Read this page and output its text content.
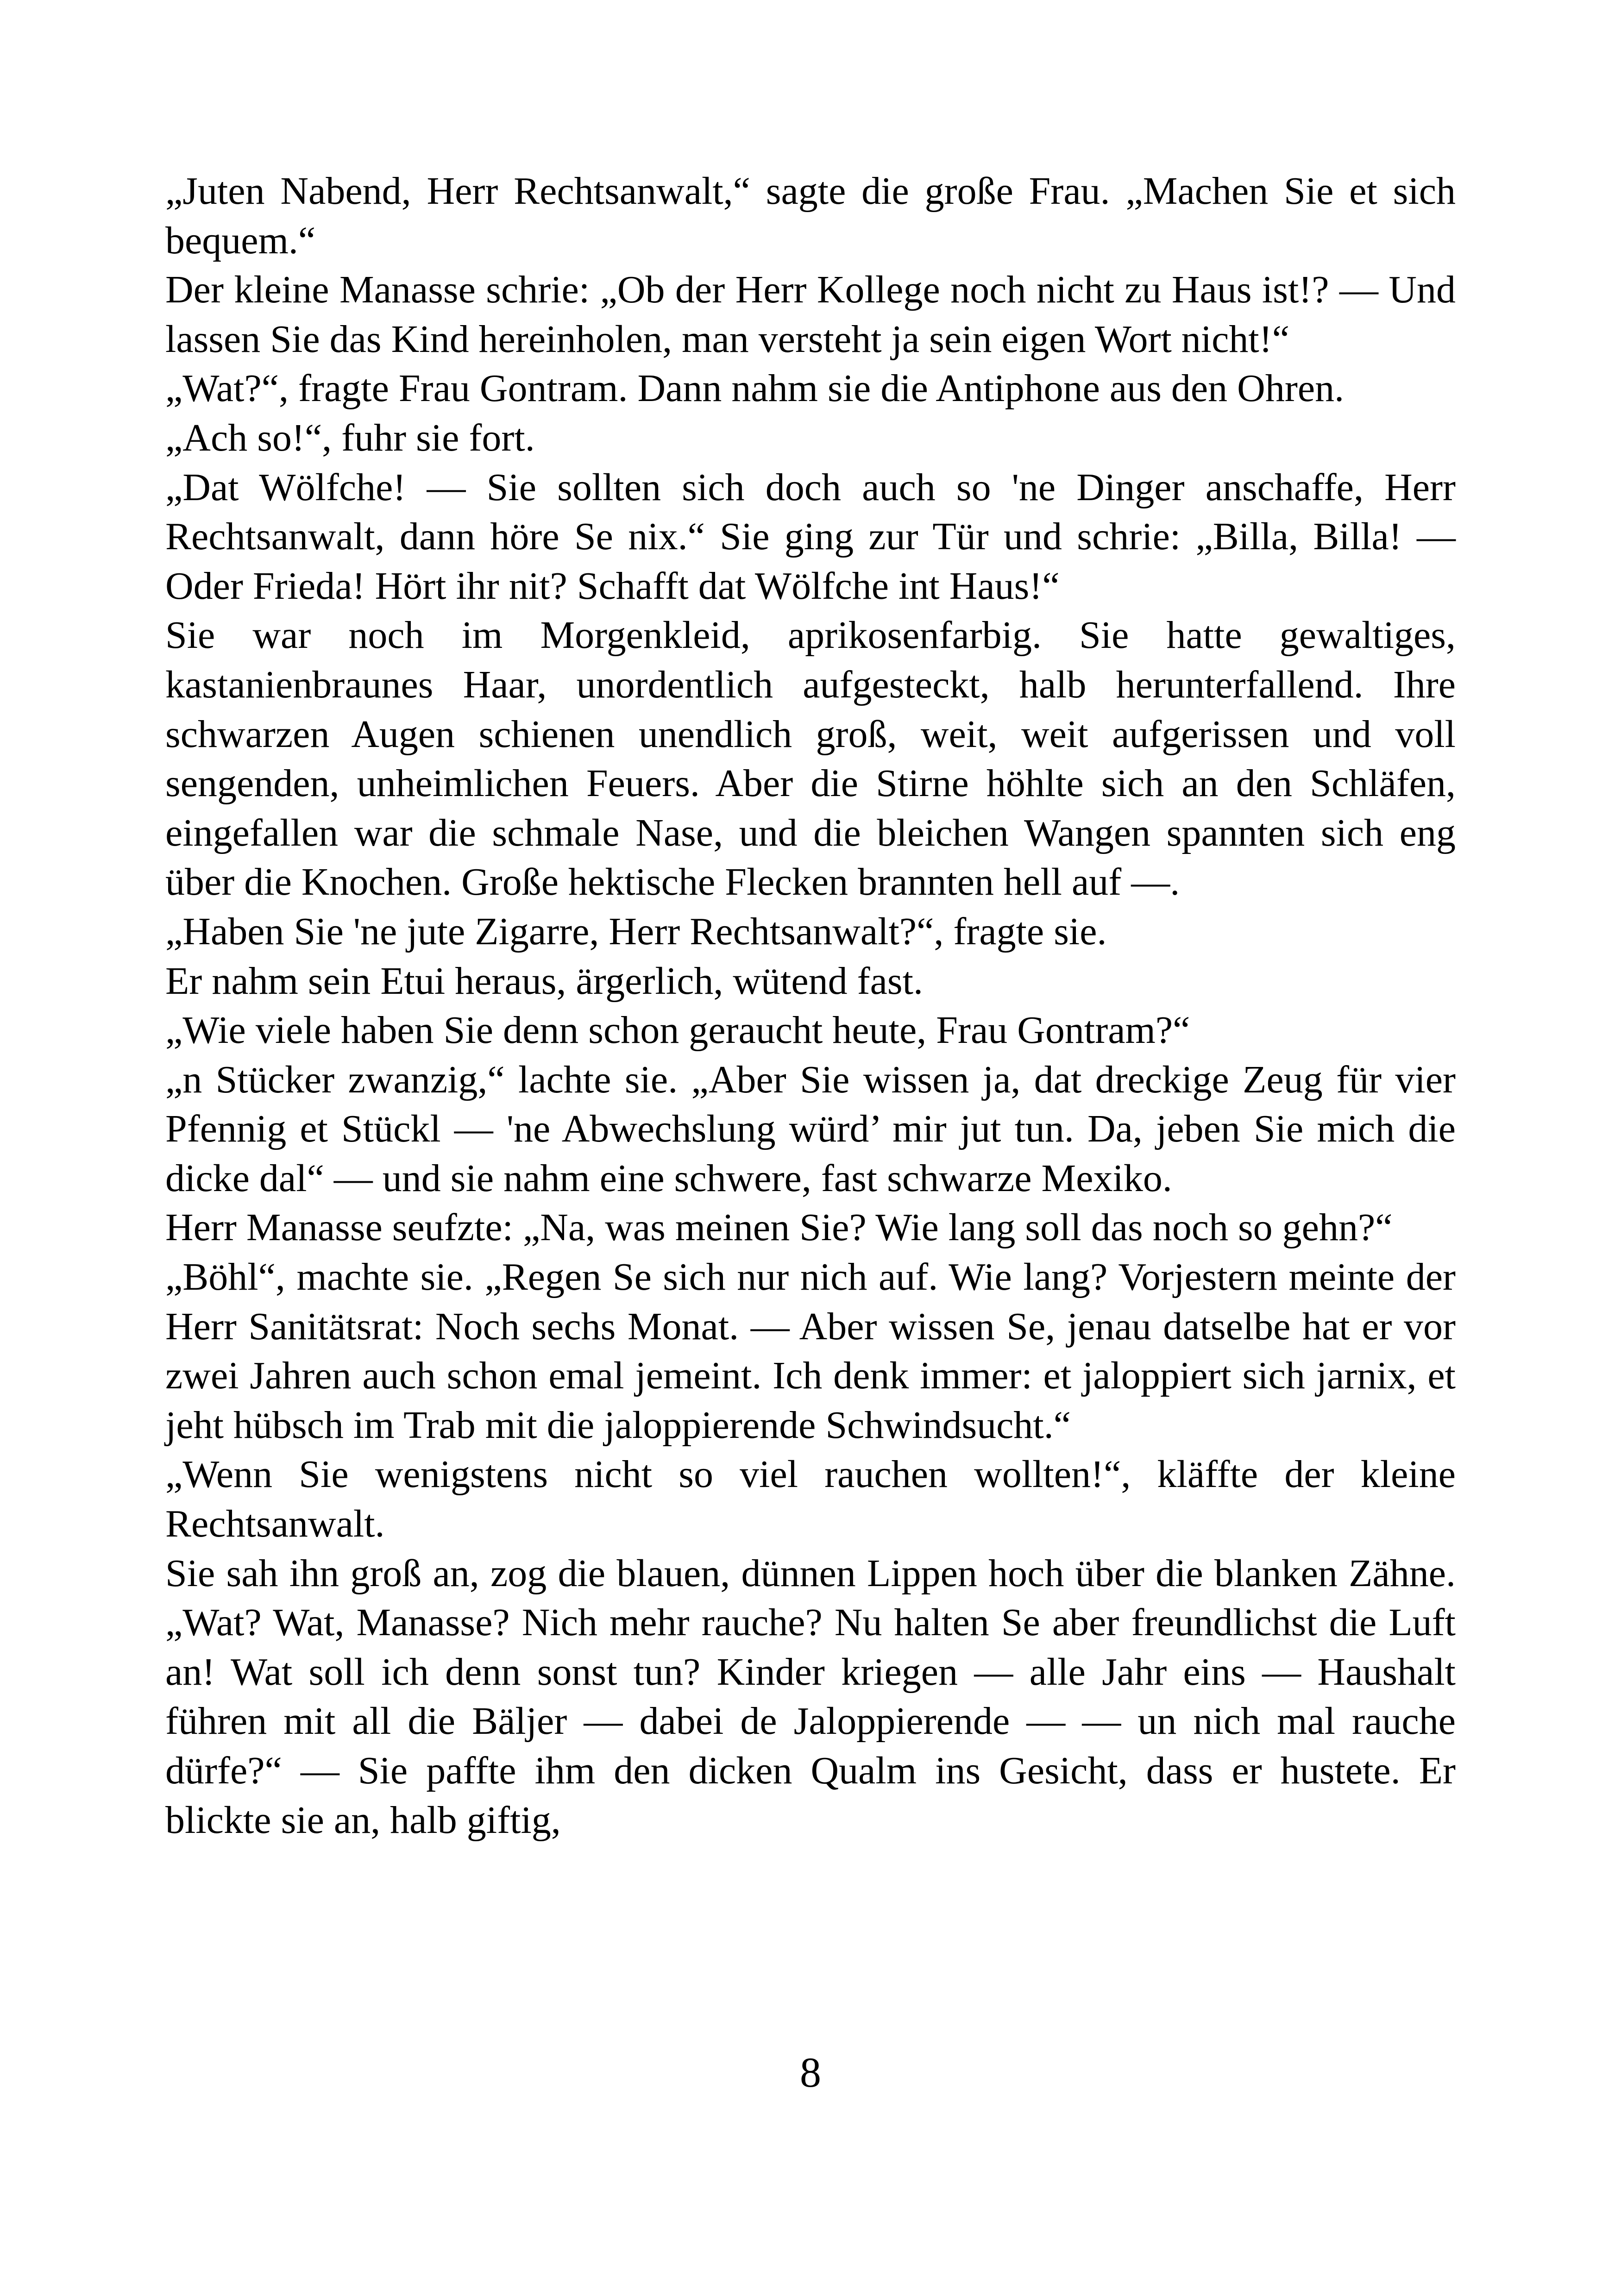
„Juten Nabend, Herr Rechtsanwalt,“ sagte die große Frau. „Machen Sie et sich bequem.“

Der kleine Manasse schrie: „Ob der Herr Kollege noch nicht zu Haus ist!? — Und lassen Sie das Kind hereinholen, man versteht ja sein eigen Wort nicht!“

„Wat?“, fragte Frau Gontram. Dann nahm sie die Antiphone aus den Ohren.

„Ach so!“, fuhr sie fort.

„Dat Wölfche! — Sie sollten sich doch auch so 'ne Dinger anschaffe, Herr Rechtsanwalt, dann höre Se nix.“ Sie ging zur Tür und schrie: „Billa, Billa! — Oder Frieda! Hört ihr nit? Schafft dat Wölfche int Haus!“

Sie war noch im Morgenkleid, aprikosenfarbig. Sie hatte gewaltiges, kastanienbraunes Haar, unordentlich aufgesteckt, halb herunterfallend. Ihre schwarzen Augen schienen unendlich groß, weit, weit aufgerissen und voll sengenden, unheimlichen Feuers. Aber die Stirne höhlte sich an den Schläfen, eingefallen war die schmale Nase, und die bleichen Wangen spannten sich eng über die Knochen. Große hektische Flecken brannten hell auf —.

„Haben Sie 'ne jute Zigarre, Herr Rechtsanwalt?“, fragte sie.

Er nahm sein Etui heraus, ärgerlich, wütend fast.

„Wie viele haben Sie denn schon geraucht heute, Frau Gontram?“

„n Stücker zwanzig,“ lachte sie. „Aber Sie wissen ja, dat dreckige Zeug für vier Pfennig et Stückl — 'ne Abwechslung würd’ mir jut tun. Da, jeben Sie mich die dicke dal“ — und sie nahm eine schwere, fast schwarze Mexiko.

Herr Manasse seufzte: „Na, was meinen Sie? Wie lang soll das noch so gehn?“

„Böhl“, machte sie. „Regen Se sich nur nich auf. Wie lang? Vorjestern meinte der Herr Sanitätsrat: Noch sechs Monat. — Aber wissen Se, jenau datselbe hat er vor zwei Jahren auch schon emal jemeint. Ich denk immer: et jaloppiert sich jarnix, et jeht hübsch im Trab mit die jaloppierende Schwindsucht.“

„Wenn Sie wenigstens nicht so viel rauchen wollten!“, kläffte der kleine Rechtsanwalt.

Sie sah ihn groß an, zog die blauen, dünnen Lippen hoch über die blanken Zähne. „Wat? Wat, Manasse? Nich mehr rauche? Nu halten Se aber freundlichst die Luft an! Wat soll ich denn sonst tun? Kinder kriegen — alle Jahr eins — Haushalt führen mit all die Bäljer — dabei de Jaloppierende — — un nich mal rauche dürfe?“ — Sie paffte ihm den dicken Qualm ins Gesicht, dass er hustete. Er blickte sie an, halb giftig,

8
